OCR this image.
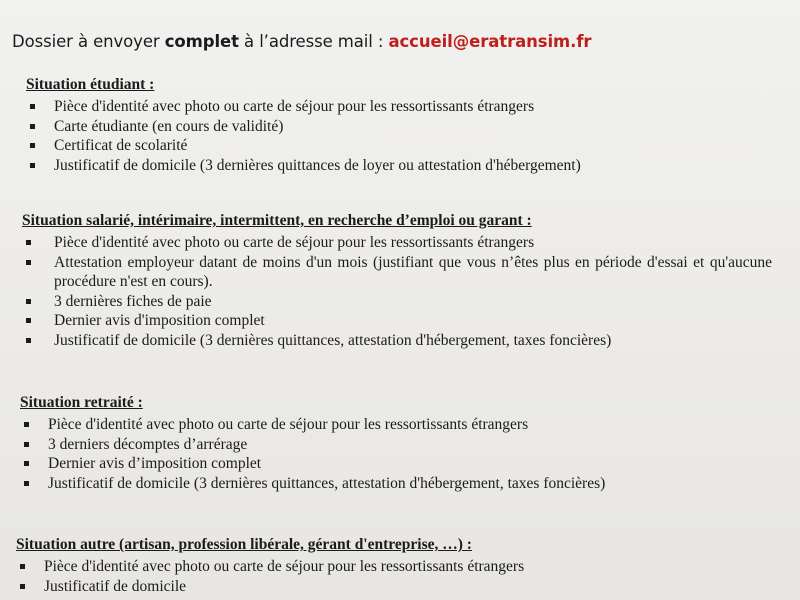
Dossier à envoyer complet à l’adresse mail : accueil@eratransim.fr
Situation étudiant :
Pièce d'identité avec photo ou carte de séjour pour les ressortissants étrangers
Carte étudiante (en cours de validité)
Certificat de scolarité
Justificatif de domicile (3 dernières quittances de loyer ou attestation d'hébergement)
Situation salarié, intérimaire, intermittent, en recherche d’emploi ou garant :
Pièce d'identité avec photo ou carte de séjour pour les ressortissants étrangers
Attestation employeur datant de moins d'un mois (justifiant que vous n’êtes plus en période d'essai et qu'aucune procédure n'est en cours).
3 dernières fiches de paie
Dernier avis d'imposition complet
Justificatif de domicile (3 dernières quittances, attestation d'hébergement, taxes foncières)
Situation retraité :
Pièce d'identité avec photo ou carte de séjour pour les ressortissants étrangers
3 derniers décomptes d’arrérage
Dernier avis d’imposition complet
Justificatif de domicile (3 dernières quittances, attestation d'hébergement, taxes foncières)
Situation autre (artisan, profession libérale, gérant d'entreprise, …) :
Pièce d'identité avec photo ou carte de séjour pour les ressortissants étrangers
Justificatif de domicile
